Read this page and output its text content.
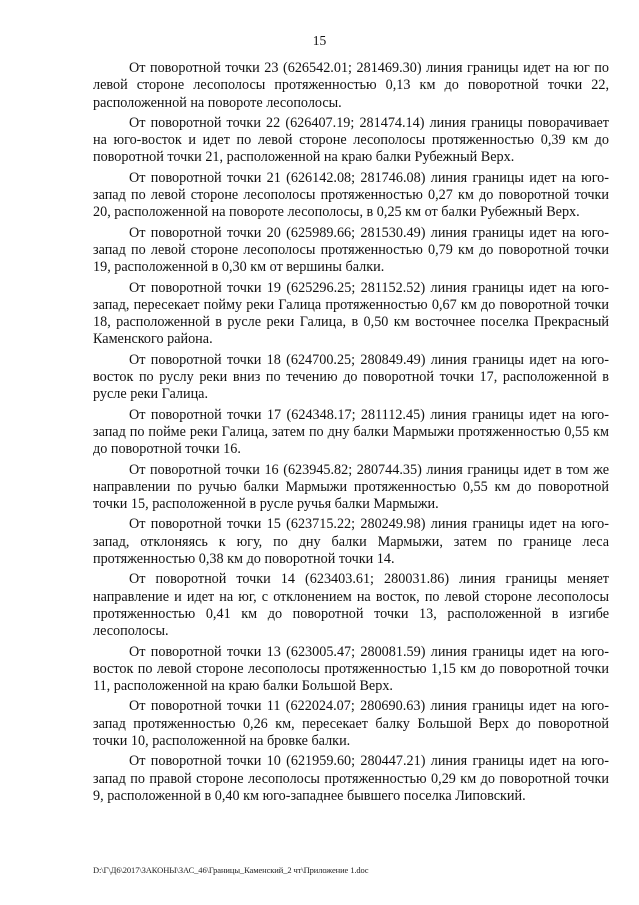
15

От поворотной точки 23 (626542.01; 281469.30) линия границы идет на юг по левой стороне лесополосы протяженностью 0,13 км до поворотной точки 22, расположенной на повороте лесополосы.

От поворотной точки 22 (626407.19; 281474.14) линия границы поворачивает на юго-восток и идет по левой стороне лесополосы протяженностью 0,39 км до поворотной точки 21, расположенной на краю балки Рубежный Верх.

От поворотной точки 21 (626142.08; 281746.08) линия границы идет на юго-запад по левой стороне лесополосы протяженностью 0,27 км до поворотной точки 20, расположенной на повороте лесополосы, в 0,25 км от балки Рубежный Верх.

От поворотной точки 20 (625989.66; 281530.49) линия границы идет на юго-запад по левой стороне лесополосы протяженностью 0,79 км до поворотной точки 19, расположенной в 0,30 км от вершины балки.

От поворотной точки 19 (625296.25; 281152.52) линия границы идет на юго-запад, пересекает пойму реки Галица протяженностью 0,67 км до поворотной точки 18, расположенной в русле реки Галица, в 0,50 км восточнее поселка Прекрасный Каменского района.

От поворотной точки 18 (624700.25; 280849.49) линия границы идет на юго-восток по руслу реки вниз по течению до поворотной точки 17, расположенной в русле реки Галица.

От поворотной точки 17 (624348.17; 281112.45) линия границы идет на юго-запад по пойме реки Галица, затем по дну балки Мармыжи протяженностью 0,55 км до поворотной точки 16.

От поворотной точки 16 (623945.82; 280744.35) линия границы идет в том же направлении по ручью балки Мармыжи протяженностью 0,55 км до поворотной точки 15, расположенной в русле ручья балки Мармыжи.

От поворотной точки 15 (623715.22; 280249.98) линия границы идет на юго-запад, отклоняясь к югу, по дну балки Мармыжи, затем по границе леса протяженностью 0,38 км до поворотной точки 14.

От поворотной точки 14 (623403.61; 280031.86) линия границы меняет направление и идет на юг, с отклонением на восток, по левой стороне лесополосы протяженностью 0,41 км до поворотной точки 13, расположенной в изгибе лесополосы.

От поворотной точки 13 (623005.47; 280081.59) линия границы идет на юго-восток по левой стороне лесополосы протяженностью 1,15 км до поворотной точки 11, расположенной на краю балки Большой Верх.

От поворотной точки 11 (622024.07; 280690.63) линия границы идет на юго-запад протяженностью 0,26 км, пересекает балку Большой Верх до поворотной точки 10, расположенной на бровке балки.

От поворотной точки 10 (621959.60; 280447.21) линия границы идет на юго-запад по правой стороне лесополосы протяженностью 0,29 км до поворотной точки 9, расположенной в 0,40 км юго-западнее бывшего поселка Липовский.

D:\Г\Д6\2017\ЗАКОНЫ\ЗАС_46\Границы_Каменский_2 чт\Приложение 1.doc
